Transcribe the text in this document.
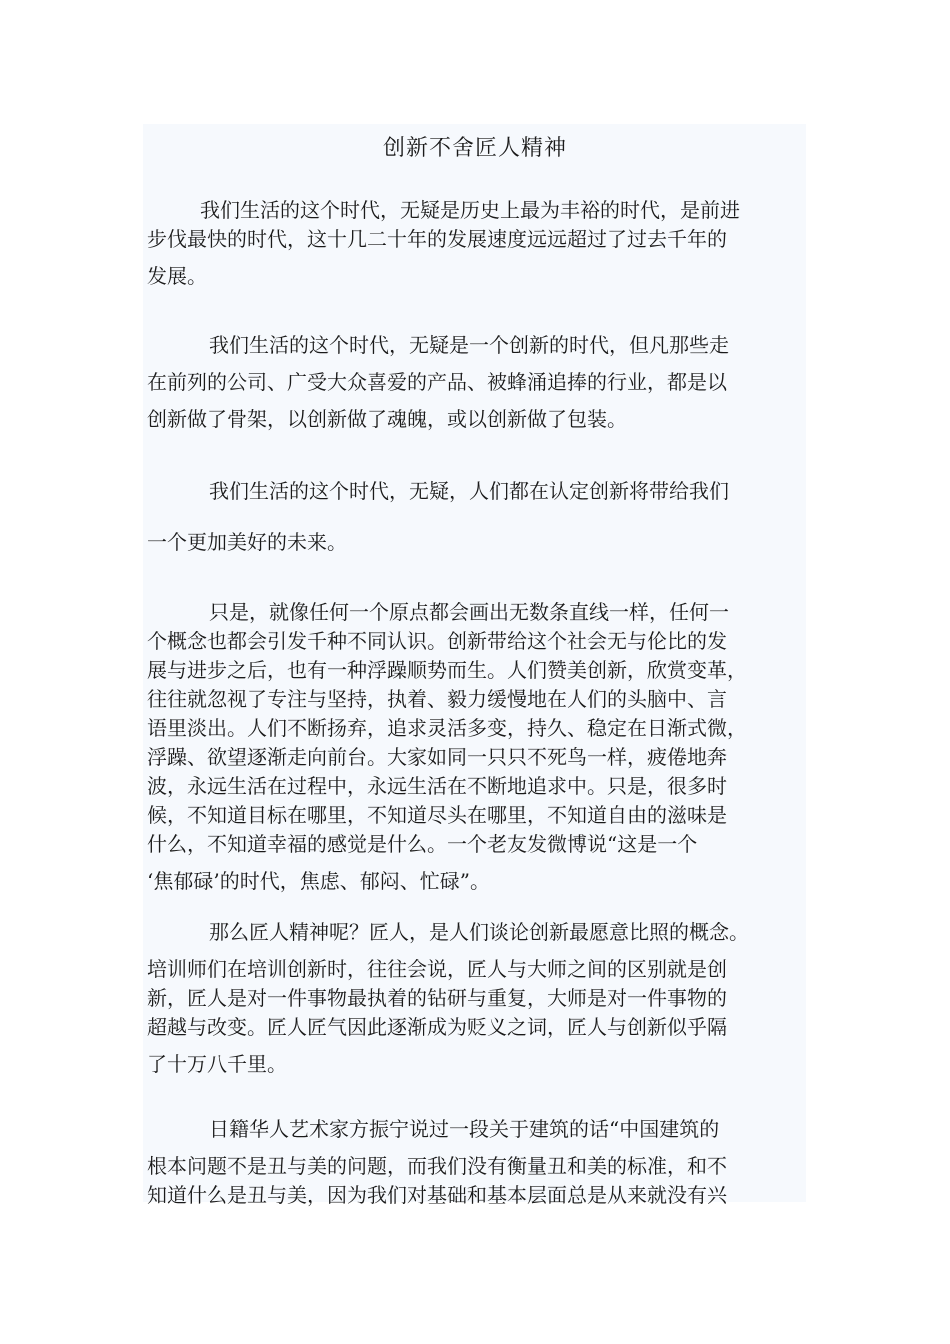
创新不舍匠人精神
我们生活的这个时代，无疑是历史上最为丰裕的时代，是前进
步伐最快的时代，这十几二十年的发展速度远远超过了过去千年的
发展。
我们生活的这个时代，无疑是一个创新的时代，但凡那些走
在前列的公司、广受大众喜爱的产品、被蜂涌追捧的行业，都是以
创新做了骨架，以创新做了魂魄，或以创新做了包装。
我们生活的这个时代，无疑，人们都在认定创新将带给我们
一个更加美好的未来。
只是，就像任何一个原点都会画出无数条直线一样，任何一
个概念也都会引发千种不同认识。创新带给这个社会无与伦比的发
展与进步之后，也有一种浮躁顺势而生。人们赞美创新，欣赏变革，
往往就忽视了专注与坚持，执着、毅力缓慢地在人们的头脑中、言
语里淡出。人们不断扬弃，追求灵活多变，持久、稳定在日渐式微，
浮躁、欲望逐渐走向前台。大家如同一只只不死鸟一样，疲倦地奔
波，永远生活在过程中，永远生活在不断地追求中。只是，很多时
候，不知道目标在哪里，不知道尽头在哪里，不知道自由的滋味是
什么，不知道幸福的感觉是什么。一个老友发微博说“这是一个
‘焦郁碌’的时代，焦虑、郁闷、忙碌”。
那么匠人精神呢？匠人，是人们谈论创新最愿意比照的概念。
培训师们在培训创新时，往往会说，匠人与大师之间的区别就是创
新，匠人是对一件事物最执着的钻研与重复，大师是对一件事物的
超越与改变。匠人匠气因此逐渐成为贬义之词，匠人与创新似乎隔
了十万八千里。
日籍华人艺术家方振宁说过一段关于建筑的话“中国建筑的
根本问题不是丑与美的问题，而我们没有衡量丑和美的标准，和不
知道什么是丑与美，因为我们对基础和基本层面总是从来就没有兴
